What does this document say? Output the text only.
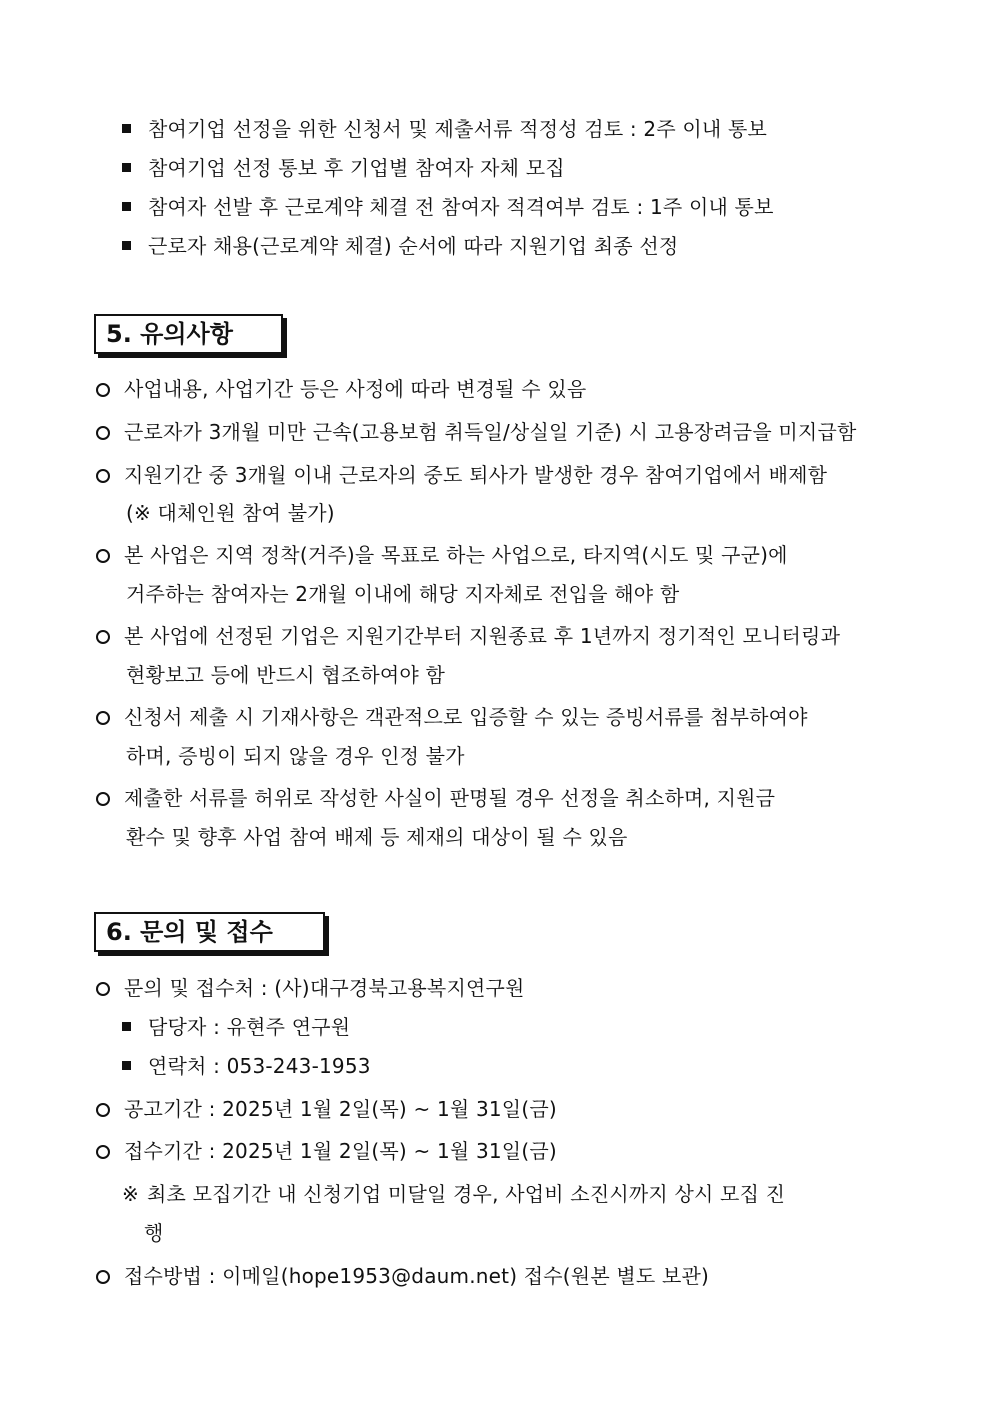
참여기업 선정을 위한 신청서 및 제출서류 적정성 검토 : 2주 이내 통보
참여기업 선정 통보 후 기업별 참여자 자체 모집
참여자 선발 후 근로계약 체결 전 참여자 적격여부 검토 : 1주 이내 통보
근로자 채용(근로계약 체결) 순서에 따라 지원기업 최종 선정
5. 유의사항
사업내용, 사업기간 등은 사정에 따라 변경될 수 있음
근로자가 3개월 미만 근속(고용보험 취득일/상실일 기준) 시 고용장려금을 미지급함
지원기간 중 3개월 이내 근로자의 중도 퇴사가 발생한 경우 참여기업에서 배제함
(※ 대체인원 참여 불가)
본 사업은 지역 정착(거주)을 목표로 하는 사업으로, 타지역(시도 및 구군)에
거주하는 참여자는 2개월 이내에 해당 지자체로 전입을 해야 함
본 사업에 선정된 기업은 지원기간부터 지원종료 후 1년까지 정기적인 모니터링과
현황보고 등에 반드시 협조하여야 함
신청서 제출 시 기재사항은 객관적으로 입증할 수 있는 증빙서류를 첨부하여야
하며, 증빙이 되지 않을 경우 인정 불가
제출한 서류를 허위로 작성한 사실이 판명될 경우 선정을 취소하며, 지원금
환수 및 향후 사업 참여 배제 등 제재의 대상이 될 수 있음
6. 문의 및 접수
문의 및 접수처 : (사)대구경북고용복지연구원
담당자 : 유현주 연구원
연락처 : 053-243-1953
공고기간 : 2025년 1월 2일(목) ~ 1월 31일(금)
접수기간 : 2025년 1월 2일(목) ~ 1월 31일(금)
※ 최초 모집기간 내 신청기업 미달일 경우, 사업비 소진시까지 상시 모집 진
행
접수방법 : 이메일(hope1953@daum.net) 접수(원본 별도 보관)
